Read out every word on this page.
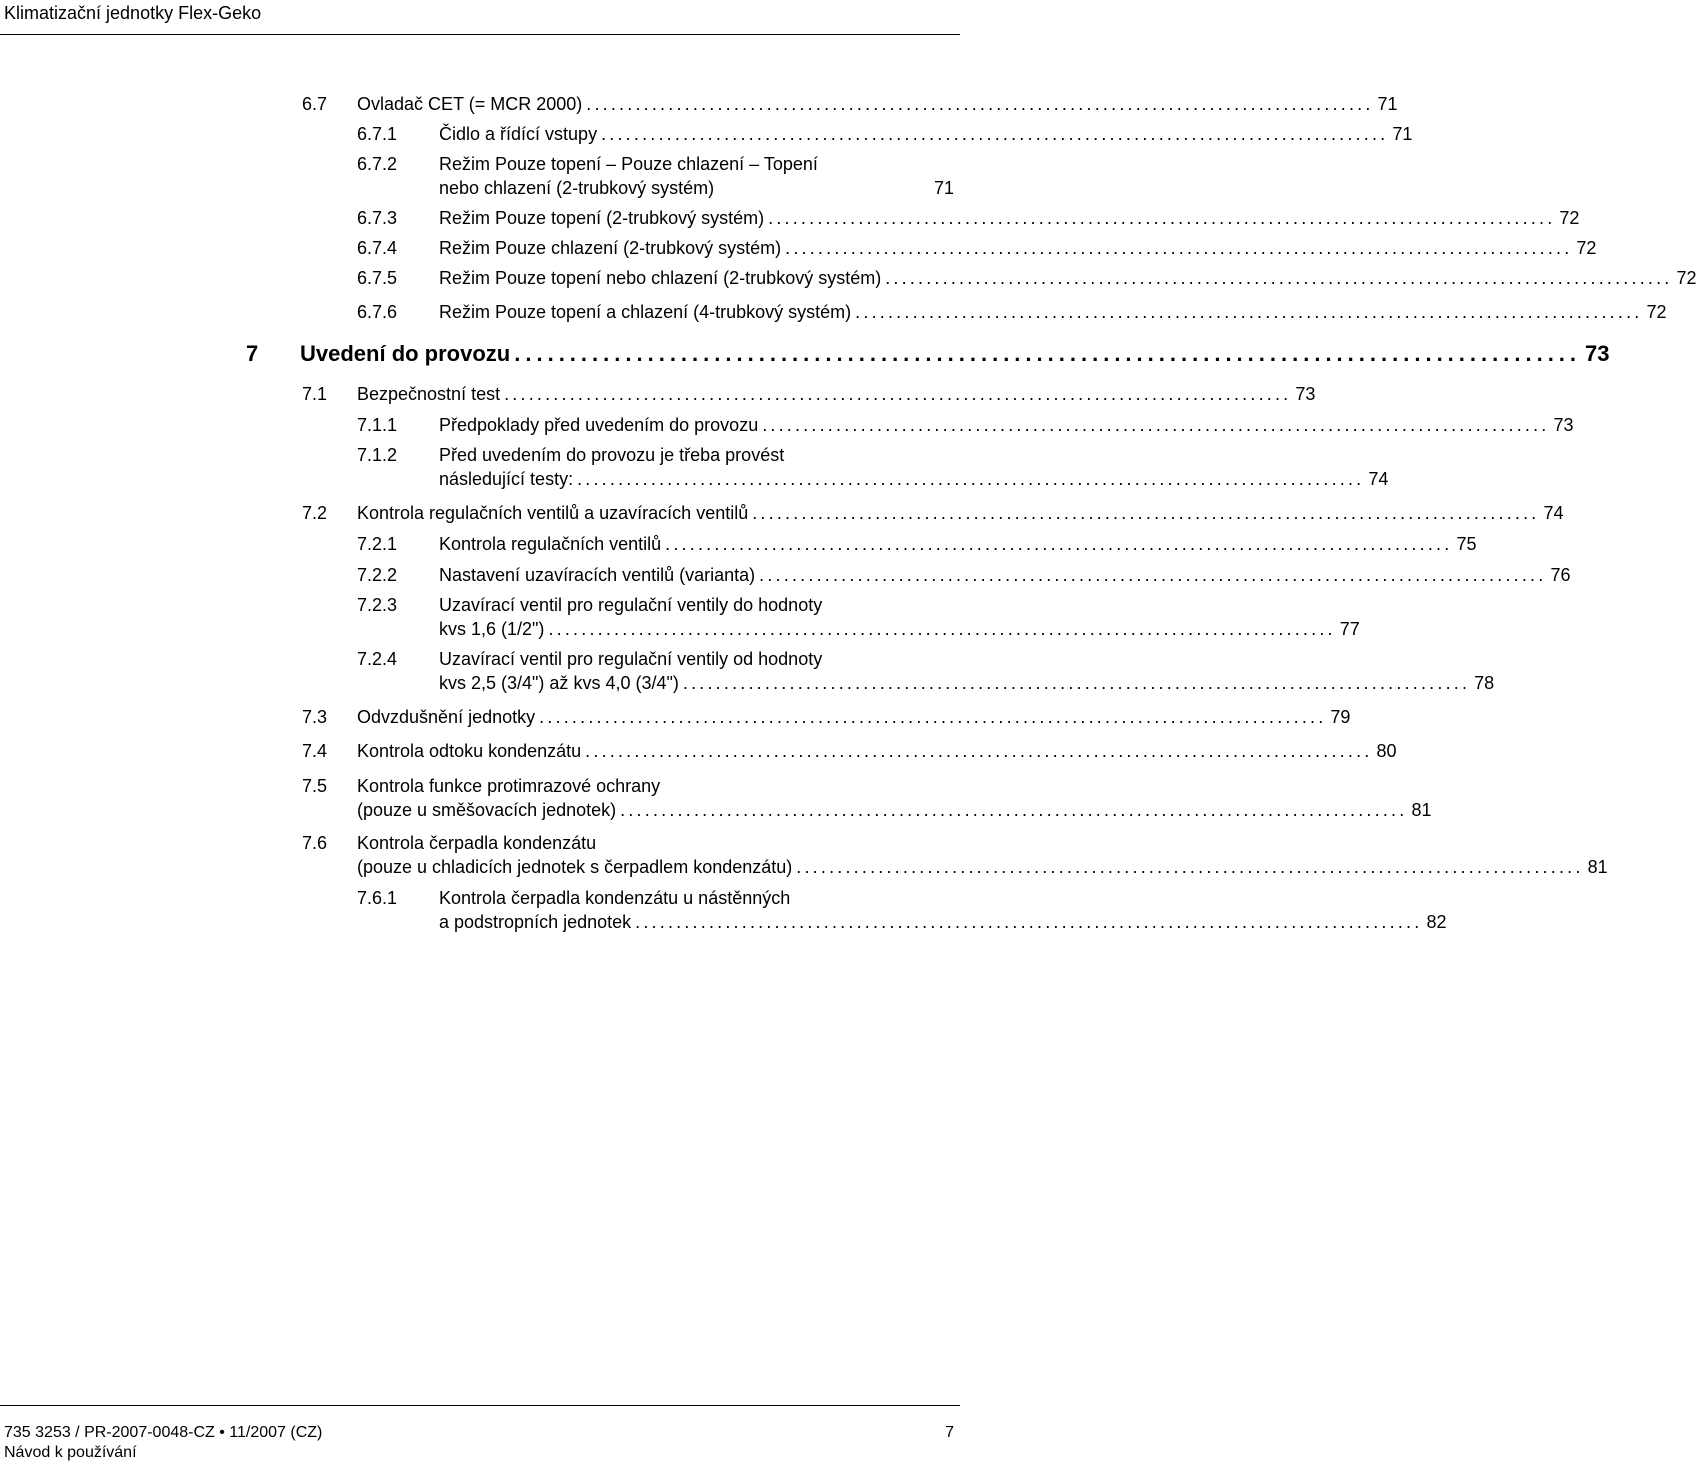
Klimatizační jednotky Flex-Geko
6.7 Ovladač CET (= MCR 2000) ................................................................................................ 71
6.7.1 Čidlo a řídící vstupy ................................................................................................ 71
6.7.2 Režim Pouze topení – Pouze chlazení – Topení
nebo chlazení (2-trubkový systém)	71
6.7.3 Režim Pouze topení (2-trubkový systém) ................................................................................................ 72
6.7.4 Režim Pouze chlazení (2-trubkový systém) ................................................................................................ 72
6.7.5 Režim Pouze topení nebo chlazení (2-trubkový systém) ................................................................................................ 72
6.7.6 Režim Pouze topení a chlazení (4-trubkový systém) ................................................................................................ 72
7 Uvedení do provozu ................................................................................................ 73
7.1 Bezpečnostní test ................................................................................................ 73
7.1.1 Předpoklady před uvedením do provozu ................................................................................................ 73
7.1.2 Před uvedením do provozu je třeba provést
následující testy: ................................................................................................ 74
7.2 Kontrola regulačních ventilů a uzavíracích ventilů ................................................................................................ 74
7.2.1 Kontrola regulačních ventilů ................................................................................................ 75
7.2.2 Nastavení uzavíracích ventilů (varianta) ................................................................................................ 76
7.2.3 Uzavírací ventil pro regulační ventily do hodnoty
kvs 1,6 (1/2") ................................................................................................ 77
7.2.4 Uzavírací ventil pro regulační ventily od hodnoty
kvs 2,5 (3/4") až kvs 4,0 (3/4") ................................................................................................ 78
7.3 Odvzdušnění jednotky ................................................................................................ 79
7.4 Kontrola odtoku kondenzátu ................................................................................................ 80
7.5 Kontrola funkce protimrazové ochrany
(pouze u směšovacích jednotek) ................................................................................................ 81
7.6 Kontrola čerpadla kondenzátu
(pouze u chladicích jednotek s čerpadlem kondenzátu) ................................................................................................ 81
7.6.1 Kontrola čerpadla kondenzátu u nástěnných
a podstropních jednotek ................................................................................................ 82
735 3253 / PR-2007-0048-CZ • 11/2007 (CZ)
Návod k používání
7
